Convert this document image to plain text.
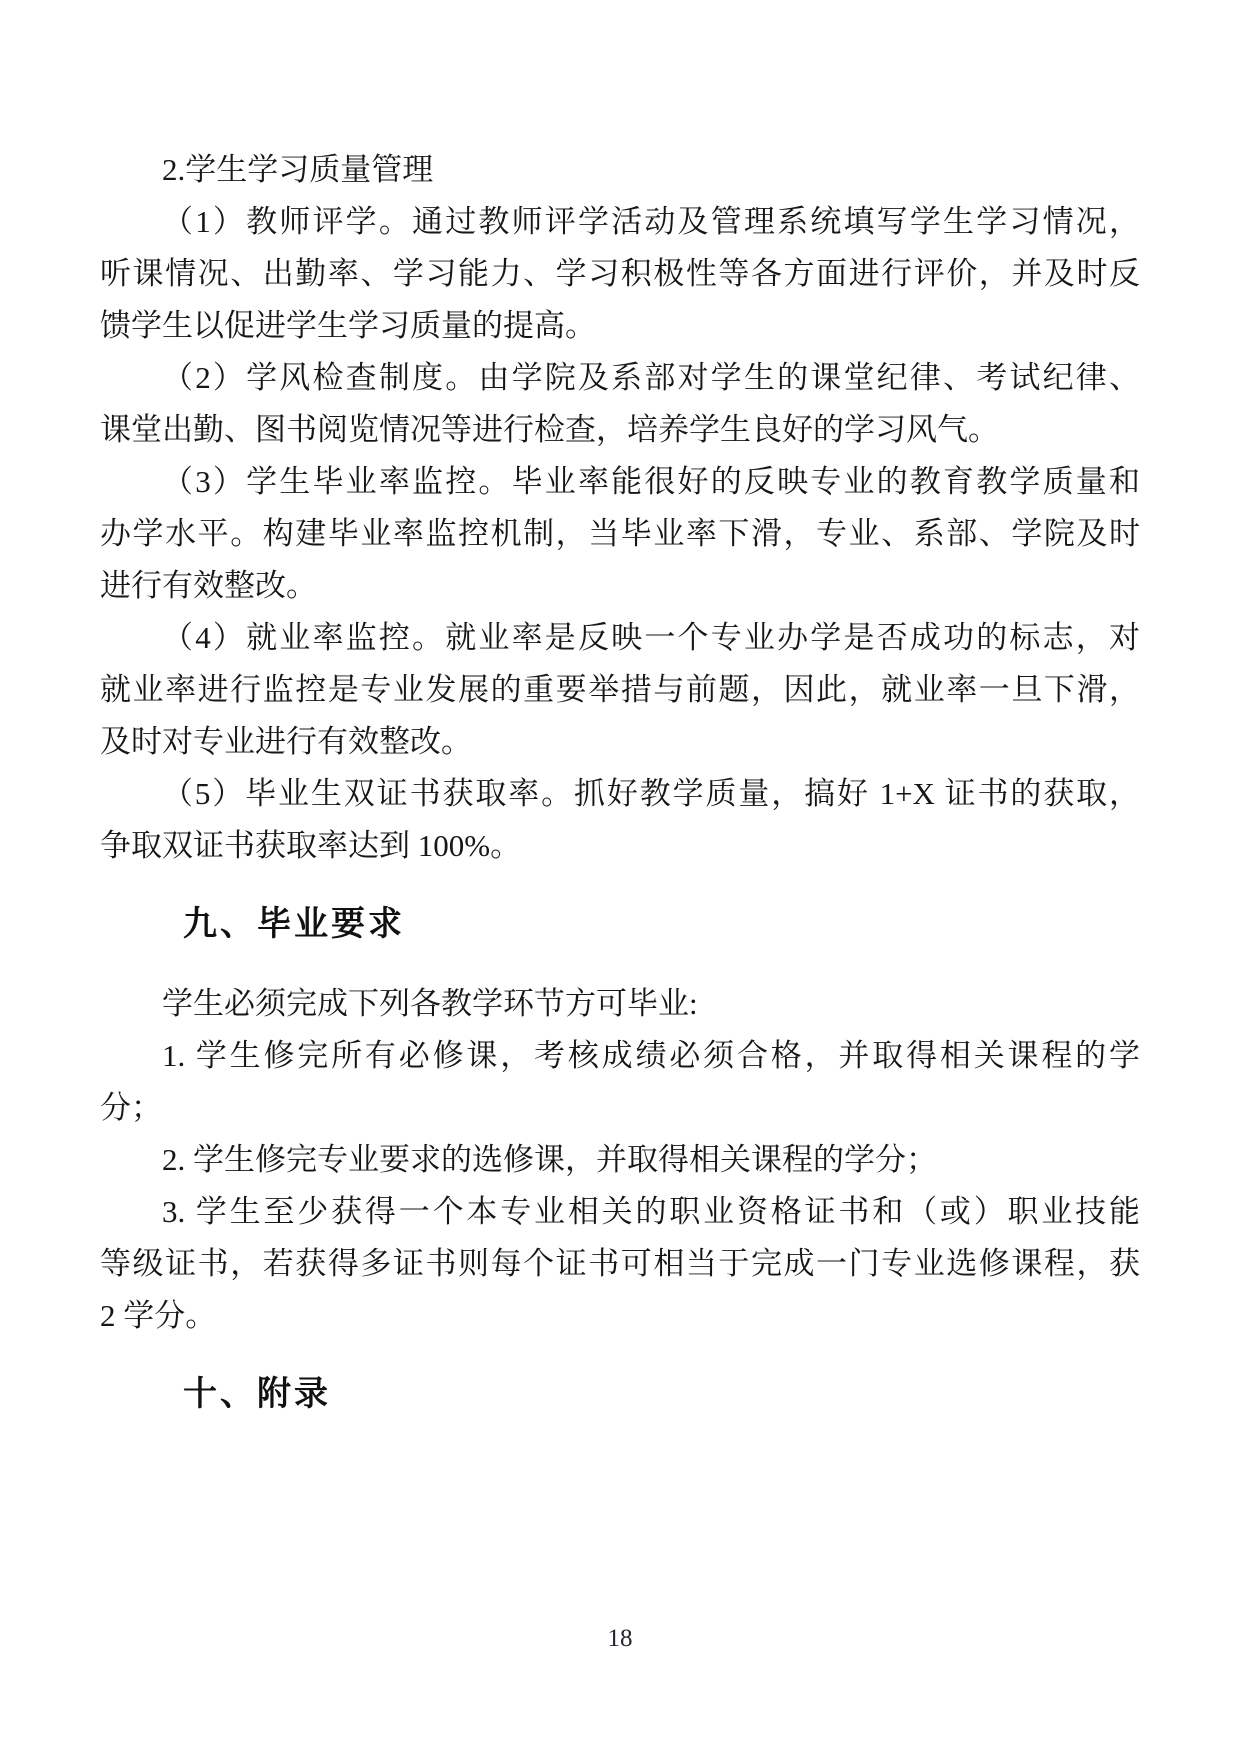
2.学生学习质量管理
（1）教师评学。通过教师评学活动及管理系统填写学生学习情况，
听课情况、出勤率、学习能力、学习积极性等各方面进行评价，并及时反
馈学生以促进学生学习质量的提高。
（2）学风检查制度。由学院及系部对学生的课堂纪律、考试纪律、
课堂出勤、图书阅览情况等进行检查，培养学生良好的学习风气。
（3）学生毕业率监控。毕业率能很好的反映专业的教育教学质量和
办学水平。构建毕业率监控机制，当毕业率下滑，专业、系部、学院及时
进行有效整改。
（4）就业率监控。就业率是反映一个专业办学是否成功的标志，对
就业率进行监控是专业发展的重要举措与前题，因此，就业率一旦下滑，
及时对专业进行有效整改。
（5）毕业生双证书获取率。抓好教学质量，搞好 1+X 证书的获取，
争取双证书获取率达到 100%。
九、毕业要求
学生必须完成下列各教学环节方可毕业:
1. 学生修完所有必修课，考核成绩必须合格，并取得相关课程的学
分；
2. 学生修完专业要求的选修课，并取得相关课程的学分；
3. 学生至少获得一个本专业相关的职业资格证书和（或）职业技能
等级证书，若获得多证书则每个证书可相当于完成一门专业选修课程，获
2 学分。
十、附录
18
